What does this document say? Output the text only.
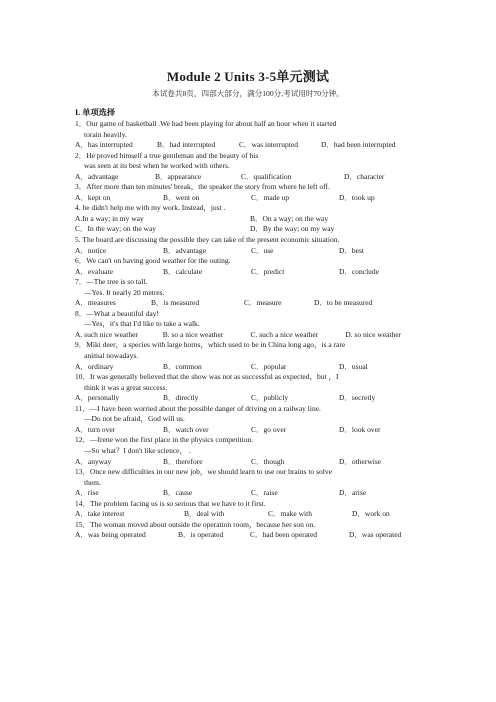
Module 2 Units 3-5单元测试
本试卷共8页，四部大部分，满分100分,考试用时70分钟。
I. 单项选择
1．Our game of basketball .We had been playing for about half an hour when it started
torain heavily.
A．has interrupted	B．had interrupted	C．was interrupted	D．had been interrupted
2．He proved himself a true gentleman and the beauty of his
was seen at its best when he worked with others.
A．advantage	B．appearance	C．qualification	D．character
3．After more than ten minutes' break，the speaker the story from where he left off.
A．kept on	B．went on	C．made up	D．took up
4. he didn't help me with my work. Instead，just .
A.In a way; in my way	B．On a way; on the way
C．In the way; on the way	D．By the way; on my way
5. The board are discussing the possible they can take of the present economic situation.
A．notice	B．advantage	C．use	D．best
6．We can't on having good weather for the outing.
A．evaluate	B．calculate	C．predict	D．conclude
7．—The tree is so tall.
—Yes. It nearly 20 metres.
A．measures	B．is measured	C．measure	D．to be measured
8．—What a beautiful day!
—Yes，it's that I'd like to take a walk.
A. such nice weather	B. so a nice weather	C. such a nice weather	D. so nice weather
9．Miki deer，a species with large horns，which used to be in China long ago，is a rare
animal nowadays.
A．ordinary	B．common	C．popular	D．usual
10．It was generally believed that the show was not as successful as expected，but ，I
think it was a great success.
A．personally	B．directly	C．publicly	D．secretly
11．—I have been worried about the possible danger of driving on a railway line.
—Do not be afraid，God will us.
A．turn over	B．watch over	C．go over	D．look over
12．—Irene won the first place in the physics competition.
—So what？I don't like science， .
A．anyway	B．therefore	C．though	D．otherwise
13．Once new difficulties in our new job，we should learn to use our brains to solve
them.
A．rise	B．cause	C．raise	D．arise
14．The problem facing us is so serious that we have to it first.
A．take interest	B．deal with	C．make with	D．work on
15．The woman moved about outside the operation room，because her son on.
A．was being operated	B．is operated	C．had been operated	D．was operated
